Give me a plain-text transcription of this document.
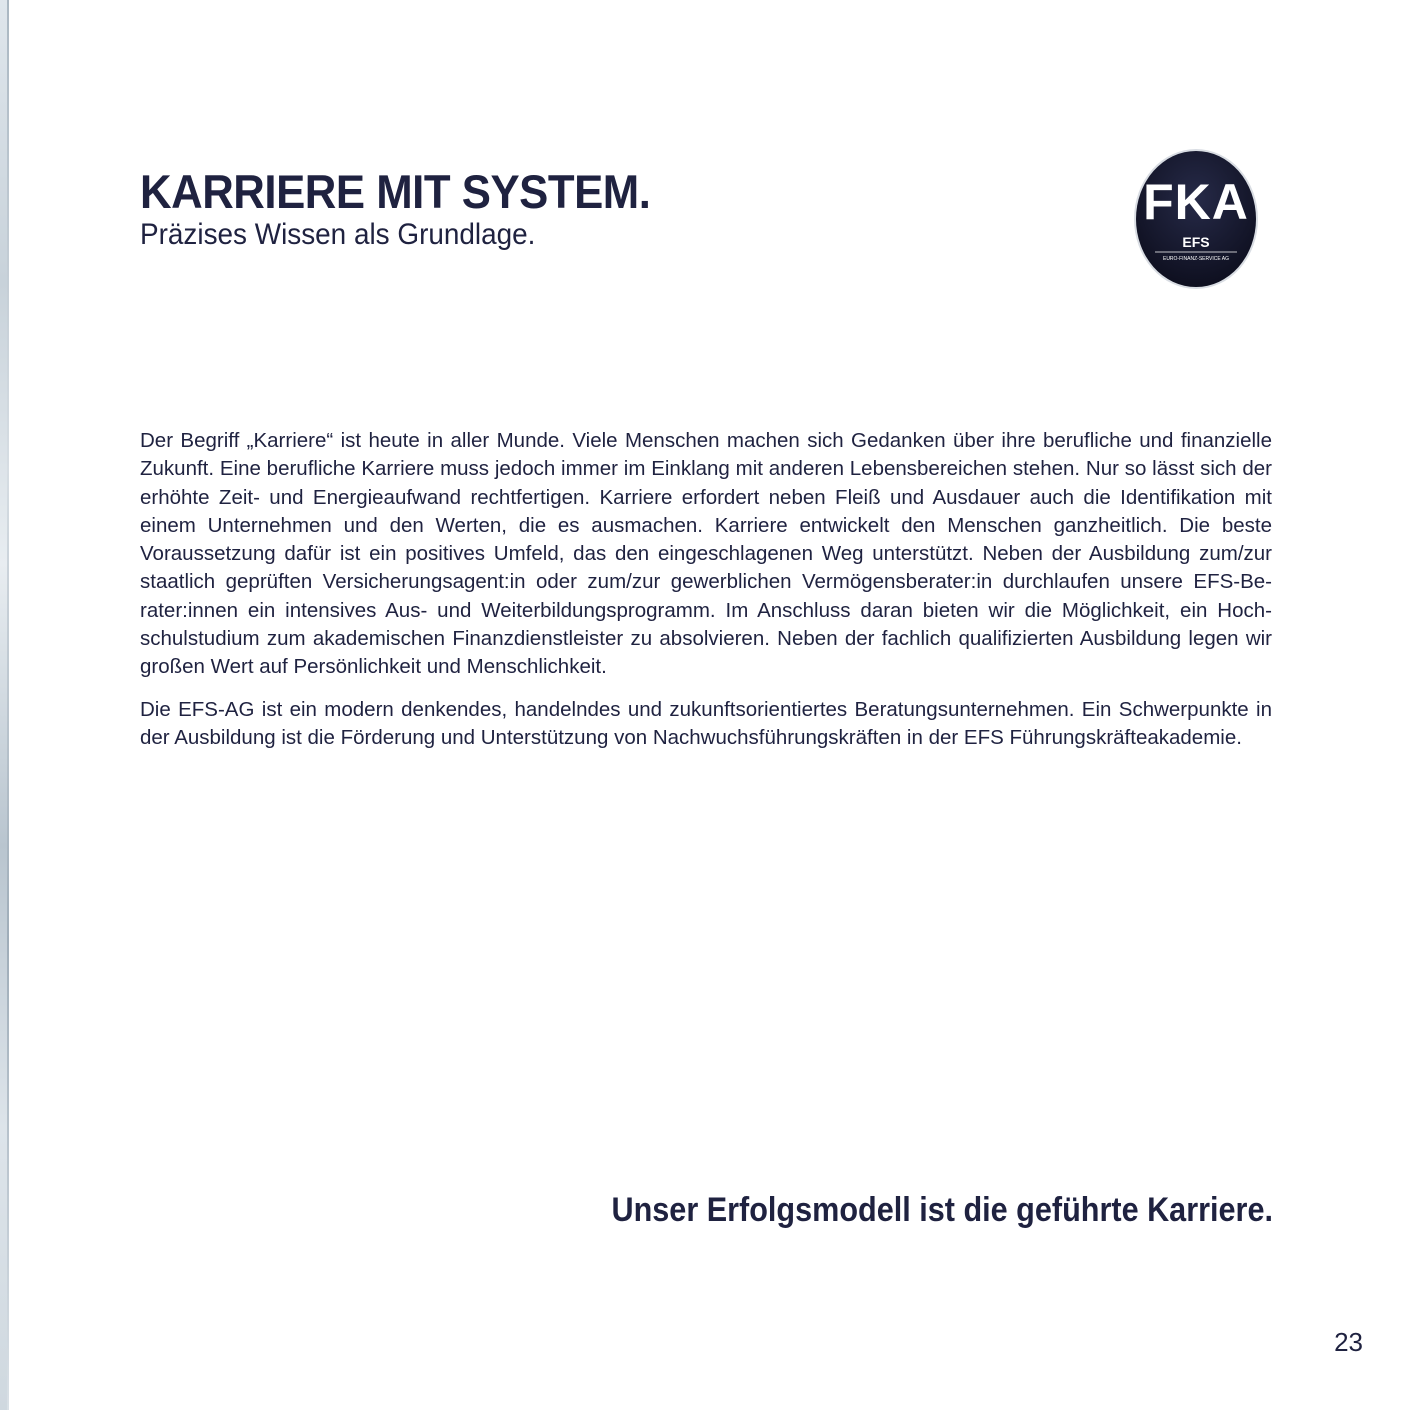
KARRIERE MIT SYSTEM.

Präzises Wissen als Grundlage.

FKA
EFS
EURO-FINANZ-SERVICE AG

Der Begriff „Karriere“ ist heute in aller Munde. Viele Menschen machen sich Gedanken über ihre berufliche und finanzielle Zukunft. Eine berufliche Karriere muss jedoch immer im Einklang mit anderen Lebensbereichen stehen. Nur so lässt sich der erhöhte Zeit- und Energieaufwand rechtfertigen. Karriere erfordert neben Fleiß und Ausdauer auch die Identifikation mit einem Unternehmen und den Werten, die es ausmachen. Karriere entwickelt den Menschen ganzheitlich. Die beste Voraussetzung dafür ist ein positives Umfeld, das den eingeschlagenen Weg unterstützt. Neben der Ausbildung zum/zur staatlich geprüften Versicherungsagent:in oder zum/zur gewerblichen Vermögensberater:in durchlaufen unsere EFS-Berater:innen ein intensives Aus- und Weiterbildungsprogramm. Im Anschluss daran bieten wir die Möglichkeit, ein Hochschulstudium zum akademischen Finanzdienstleister zu absolvieren. Neben der fachlich qualifizierten Ausbildung legen wir großen Wert auf Persönlichkeit und Menschlichkeit.

Die EFS-AG ist ein modern denkendes, handelndes und zukunftsorientiertes Beratungsunternehmen. Ein Schwerpunkte in der Ausbildung ist die Förderung und Unterstützung von Nachwuchsführungskräften in der EFS Führungskräfteakademie.

Unser Erfolgsmodell ist die geführte Karriere.
23
